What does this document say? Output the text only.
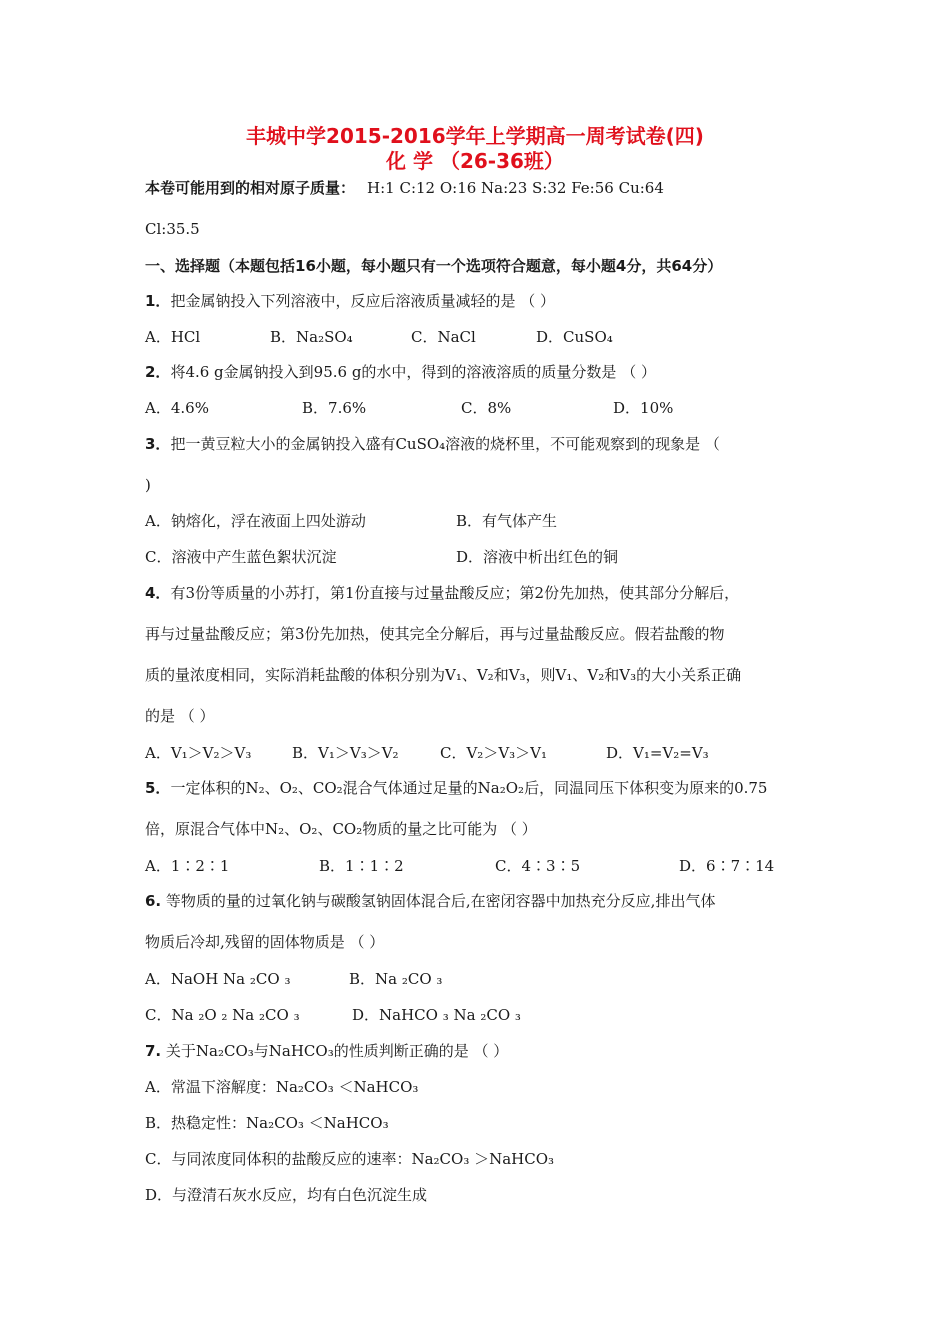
丰城中学2015-2016学年上学期高一周考试卷(四)
化 学 （26-36班）
本卷可能用到的相对原子质量： H:1 C:12 O:16 Na:23 S:32 Fe:56 Cu:64
Cl:35.5
一、选择题（本题包括16小题，每小题只有一个选项符合题意，每小题4分，共64分）
1．把金属钠投入下列溶液中，反应后溶液质量减轻的是 （ ）
A．HCl	B．Na₂SO₄	C．NaCl	D．CuSO₄
2．将4.6 g金属钠投入到95.6 g的水中，得到的溶液溶质的质量分数是 （ ）
A．4.6%	B．7.6%	C．8%	D．10%
3．把一黄豆粒大小的金属钠投入盛有CuSO₄溶液的烧杯里，不可能观察到的现象是 （
)
A．钠熔化，浮在液面上四处游动	B．有气体产生
C．溶液中产生蓝色絮状沉淀	D．溶液中析出红色的铜
4．有3份等质量的小苏打，第1份直接与过量盐酸反应；第2份先加热，使其部分分解后，
再与过量盐酸反应；第3份先加热，使其完全分解后，再与过量盐酸反应。假若盐酸的物
质的量浓度相同，实际消耗盐酸的体积分别为V₁、V₂和V₃，则V₁、V₂和V₃的大小关系正确
的是 （ ）
A．V₁＞V₂＞V₃	B．V₁＞V₃＞V₂	C．V₂＞V₃＞V₁	D．V₁=V₂=V₃
5．一定体积的N₂、O₂、CO₂混合气体通过足量的Na₂O₂后，同温同压下体积变为原来的0.75
倍，原混合气体中N₂、O₂、CO₂物质的量之比可能为 （ ）
A．1∶2∶1	B．1∶1∶2	C．4∶3∶5	D．6∶7∶14
6. 等物质的量的过氧化钠与碳酸氢钠固体混合后,在密闭容器中加热充分反应,排出气体
物质后冷却,残留的固体物质是 （ ）
A．NaOH Na ₂CO ₃	B．Na ₂CO ₃
C．Na ₂O ₂ Na ₂CO ₃	D．NaHCO ₃ Na ₂CO ₃
7. 关于Na₂CO₃与NaHCO₃的性质判断正确的是 （ ）
A．常温下溶解度：Na₂CO₃ ＜NaHCO₃
B．热稳定性：Na₂CO₃ ＜NaHCO₃
C．与同浓度同体积的盐酸反应的速率：Na₂CO₃ ＞NaHCO₃
D．与澄清石灰水反应，均有白色沉淀生成
